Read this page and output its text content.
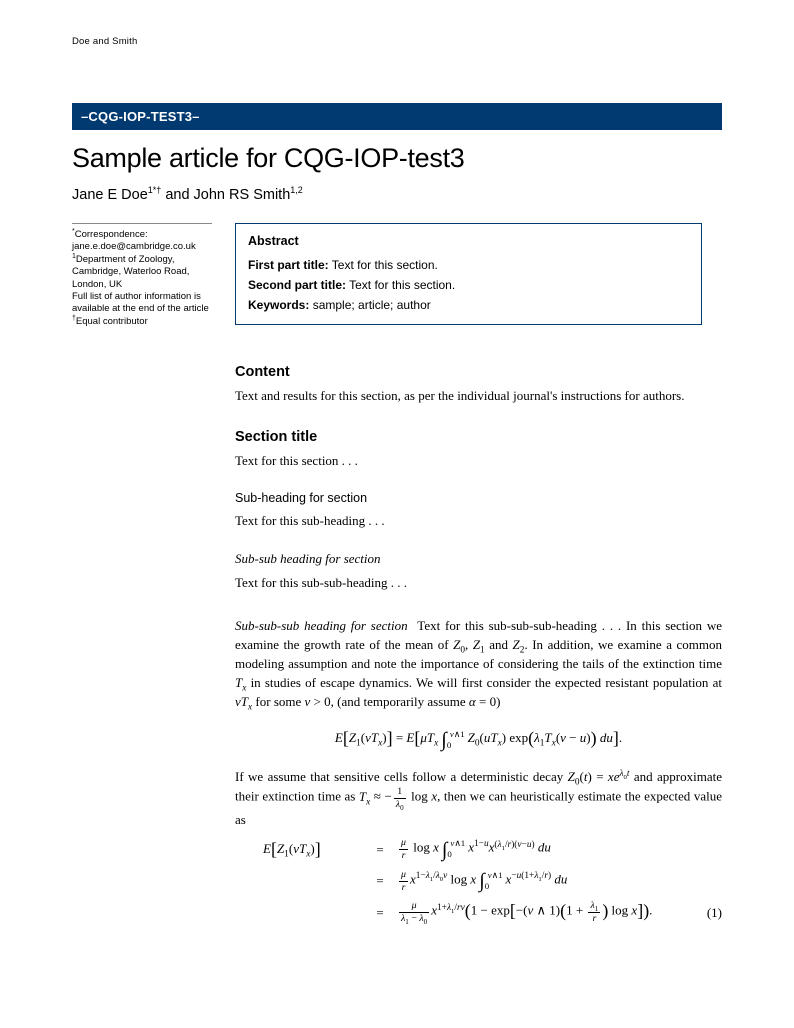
Doe and Smith
–CQG-IOP-TEST3–
Sample article for CQG-IOP-test3
Jane E Doe$^{1*\dagger}$ and John RS Smith$^{1,2}$
*Correspondence:
jane.e.doe@cambridge.co.uk
$^1$Department of Zoology,
Cambridge, Waterloo Road,
London, UK
Full list of author information is
available at the end of the article
†Equal contributor
Abstract
First part title: Text for this section.
Second part title: Text for this section.
Keywords: sample; article; author
Content

Text and results for this section, as per the individual journal's instructions for authors.

Section title

Text for this section . . .

Sub-heading for section

Text for this sub-heading . . .

Sub-sub heading for section

Text for this sub-sub-heading . . .

Sub-sub-sub heading for section Text for this sub-sub-sub-heading . . . In this section we examine the growth rate of the mean of $Z_0$, $Z_1$ and $Z_2$. In addition, we examine a common modeling assumption and note the importance of considering the tails of the extinction time $T_x$ in studies of escape dynamics. We will first consider the expected resistant population at $vT_x$ for some v > 0, (and temporarily assume α = 0)

$E[Z_1(vT_x)] = E[\mu T_x$ ∫ v∧1
0	$Z_0(uT_x) \exp(\lambda_1T_x(v - u))$ du].

If we assume that sensitive cells follow a deterministic decay $Z_0(t) = xe^{\lambda_0t}$ and approximate their extinction time as $T_x$ ≈ − $\frac{1}{\lambda_0}$ log x, then we can heuristically estimate the expected value as

$E[Z_1(vT_x)]$	=	$\frac{\mu}{r}$ log x ∫ v∧1
0	$x^{1-u}x^{(\lambda_1/r)(v-u)}$ du
=	$\frac{\mu}{r} x^{1-\lambda_1/\lambda_0v}$ log x ∫ v∧1
0	$x^{-u(1+\lambda_1/r)}$ du
=	$\frac{\mu}{\lambda_1 - \lambda_0} x^{1+\lambda_1/rv}(1 - \exp[-(v$ ∧ $1)(1 + \frac{\lambda_1}{r}$ ) log x]).	(1)
